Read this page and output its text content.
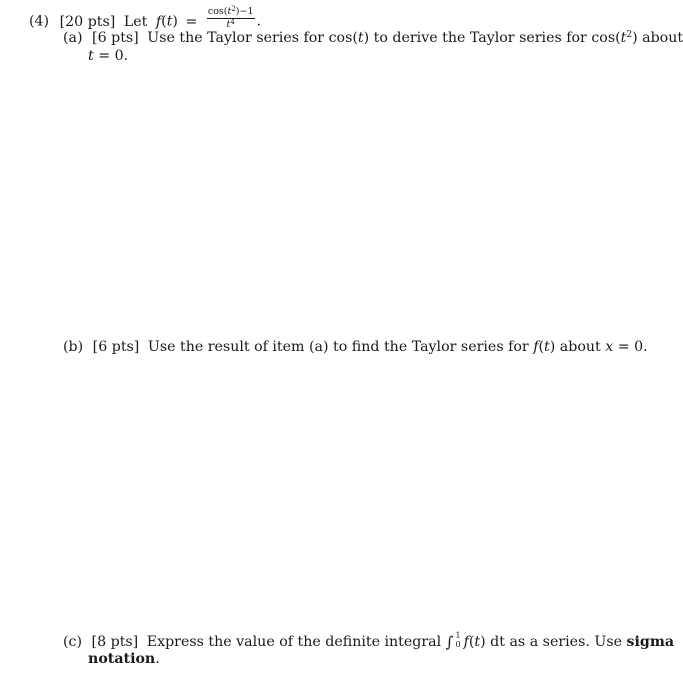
(4) [20 pts] Let $f(t) = \frac{\cos(t^2)-1}{t^4}$ .
(a) [6 pts] Use the Taylor series for cos(t) to derive the Taylor series for $\cos(t^2)$ about
t = 0.
(b) [6 pts] Use the result of item (a) to find the Taylor series for f(t) about x = 0.
(c) [8 pts] Express the value of the definite integral ∫ 1
0 f(t) dt as a series. Use sigma
notation.
